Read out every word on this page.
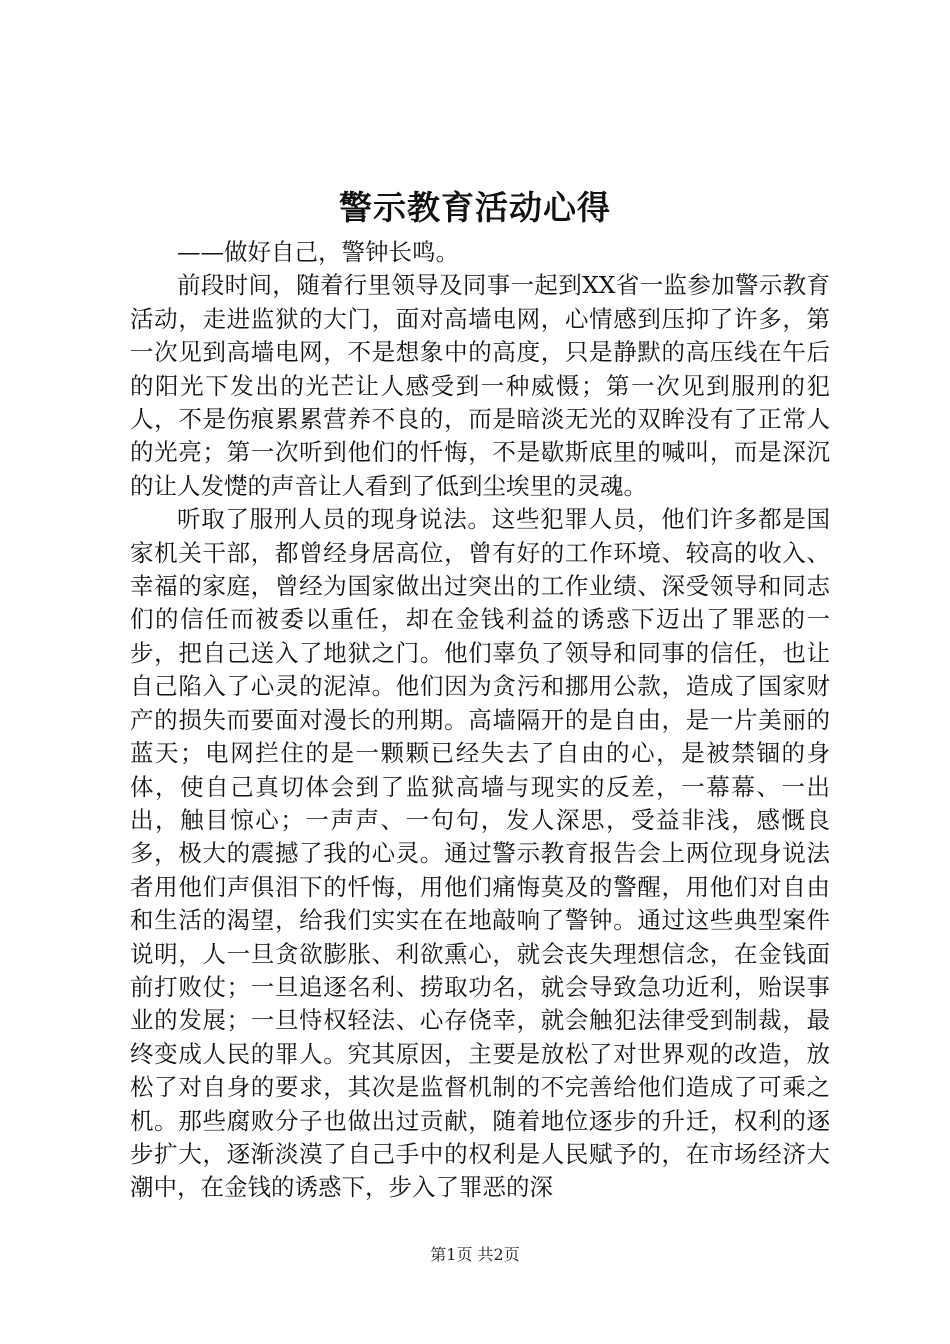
警示教育活动心得

——做好自己，警钟长鸣。

前段时间，随着行里领导及同事一起到XX省一监参加警示教育活动，走进监狱的大门，面对高墙电网，心情感到压抑了许多，第一次见到高墙电网，不是想象中的高度，只是静默的高压线在午后的阳光下发出的光芒让人感受到一种威慑；第一次见到服刑的犯人，不是伤痕累累营养不良的，而是暗淡无光的双眸没有了正常人的光亮；第一次听到他们的忏悔，不是歇斯底里的喊叫，而是深沉的让人发憷的声音让人看到了低到尘埃里的灵魂。

听取了服刑人员的现身说法。这些犯罪人员，他们许多都是国家机关干部，都曾经身居高位，曾有好的工作环境、较高的收入、幸福的家庭，曾经为国家做出过突出的工作业绩、深受领导和同志们的信任而被委以重任，却在金钱利益的诱惑下迈出了罪恶的一步，把自己送入了地狱之门。他们辜负了领导和同事的信任，也让自己陷入了心灵的泥淖。他们因为贪污和挪用公款，造成了国家财产的损失而要面对漫长的刑期。高墙隔开的是自由，是一片美丽的蓝天；电网拦住的是一颗颗已经失去了自由的心，是被禁锢的身体，使自己真切体会到了监狱高墙与现实的反差，一幕幕、一出出，触目惊心；一声声、一句句，发人深思，受益非浅，感慨良多，极大的震撼了我的心灵。通过警示教育报告会上两位现身说法者用他们声俱泪下的忏悔，用他们痛悔莫及的警醒，用他们对自由和生活的渴望，给我们实实在在地敲响了警钟。通过这些典型案件说明，人一旦贪欲膨胀、利欲熏心，就会丧失理想信念，在金钱面前打败仗；一旦追逐名利、捞取功名，就会导致急功近利，贻误事业的发展；一旦恃权轻法、心存侥幸，就会触犯法律受到制裁，最终变成人民的罪人。究其原因，主要是放松了对世界观的改造，放松了对自身的要求，其次是监督机制的不完善给他们造成了可乘之机。那些腐败分子也做出过贡献，随着地位逐步的升迁，权利的逐步扩大，逐渐淡漠了自己手中的权利是人民赋予的，在市场经济大潮中，在金钱的诱惑下，步入了罪恶的深

第1页 共2页
